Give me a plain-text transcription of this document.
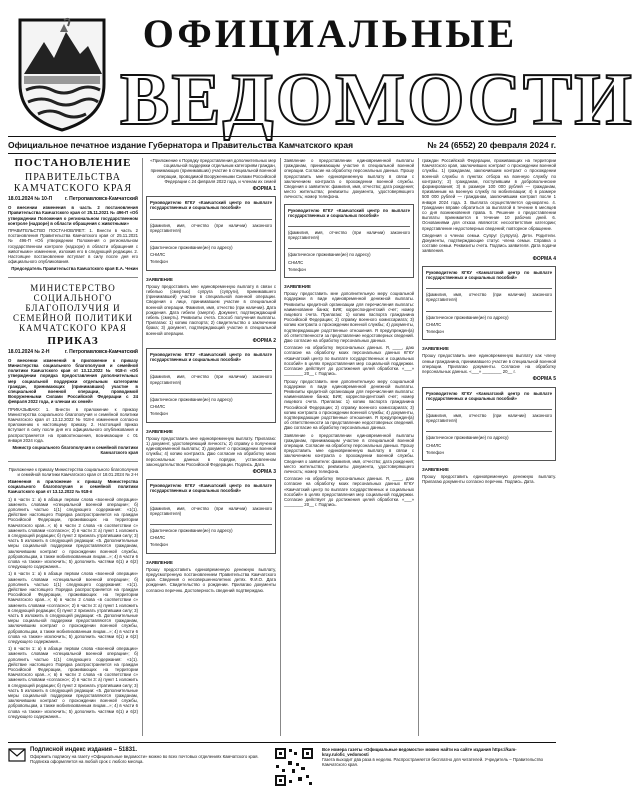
ОФИЦИАЛЬНЫЕ
ВЕДОМОСТИ
Официальное печатное издание Губернатора и Правительства Камчатского края	№ 24 (6552) 20 февраля 2024 г.
ПОСТАНОВЛЕНИЕ
ПРАВИТЕЛЬСТВА КАМЧАТСКОГО КРАЯ
18.01.2024 № 10-П	г. Петропавловск-Камчатский

О внесении изменения в часть 2 постановления Правительства Камчатского края от 25.11.2021 № 496-П «Об утверждении Положения о региональном государственном контроле (надзоре) в области обращения с животными»

ПРАВИТЕЛЬСТВО ПОСТАНОВЛЯЕТ: 1. Внести в часть 2 постановления Правительства Камчатского края от 25.11.2021 № 496-П «Об утверждении Положения о региональном государственном контроле (надзоре) в области обращения с животными» изменение, изложив его в следующей редакции. 2. Настоящее постановление вступает в силу после дня его официального опубликования.

Председатель Правительства Камчатского края Е.А. Чекин

МИНИСТЕРСТВО СОЦИАЛЬНОГО БЛАГОПОЛУЧИЯ И СЕМЕЙНОЙ ПОЛИТИКИ КАМЧАТСКОГО КРАЯ
ПРИКАЗ
18.01.2024 № 2-Н	г. Петропавловск-Камчатский

О внесении изменений в приложение к приказу Министерства социального благополучия и семейной политики Камчатского края от 13.12.2022 № 918-п «Об утверждении порядка предоставления дополнительных мер социальной поддержки отдельным категориям граждан, принимающих (принимавших) участие в специальной военной операции, проводимой Вооруженными Силами Российской Федерации с 24 февраля 2022 года, и членам их семей»

ПРИКАЗЫВАЮ: 1. Внести в приложение к приказу Министерства социального благополучия и семейной политики Камчатского края от 13.12.2022 № 918-п изменения согласно приложению к настоящему приказу. 2. Настоящий приказ вступает в силу после дня его официального опубликования и распространяется на правоотношения, возникающие с 01 января 2024 года.

Министр социального благополучия и семейной политики Камчатского края

Приложение к приказу Министерства социального благополучия и семейной политики Камчатского края от 18.01.2024 № 2-Н

Изменения в приложение к приказу Министерства социального благополучия и семейной политики Камчатского края от 13.12.2022 № 918-п

1) в части 1: а) в абзаце первом слова «военной операции» заменить словами «специальной военной операции»; б) дополнить частью 1(1) следующего содержания: «1(1). Действие настоящего Порядка распространяется на граждан Российской Федерации, проживающих на территории Камчатского края...»; в) в части 2 слова «в соответствии с» заменить словами «согласно»; 2) в части 3: а) пункт 1 изложить в следующей редакции; б) пункт 2 признать утратившим силу; 3) часть 5 изложить в следующей редакции: «5. Дополнительные меры социальной поддержки предоставляются гражданам, заключившим контракт о прохождении военной службы, добровольцам, а также мобилизованным лицам...»; 4) в части 6 слова «а также» исключить; 5) дополнить частями 6(1) и 6(2) следующего содержания...

1) в части 1: а) в абзаце первом слова «военной операции» заменить словами «специальной военной операции»; б) дополнить частью 1(1) следующего содержания: «1(1). Действие настоящего Порядка распространяется на граждан Российской Федерации, проживающих на территории Камчатского края...»; в) в части 2 слова «в соответствии с» заменить словами «согласно»; 2) в части 3: а) пункт 1 изложить в следующей редакции; б) пункт 2 признать утратившим силу; 3) часть 5 изложить в следующей редакции: «5. Дополнительные меры социальной поддержки предоставляются гражданам, заключившим контракт о прохождении военной службы, добровольцам, а также мобилизованным лицам...»; 4) в части 6 слова «а также» исключить; 5) дополнить частями 6(1) и 6(2) следующего содержания...

1) в части 1: а) в абзаце первом слова «военной операции» заменить словами «специальной военной операции»; б) дополнить частью 1(1) следующего содержания: «1(1). Действие настоящего Порядка распространяется на граждан Российской Федерации, проживающих на территории Камчатского края...»; в) в части 2 слова «в соответствии с» заменить словами «согласно»; 2) в части 3: а) пункт 1 изложить в следующей редакции; б) пункт 2 признать утратившим силу; 3) часть 5 изложить в следующей редакции: «5. Дополнительные меры социальной поддержки предоставляются гражданам, заключившим контракт о прохождении военной службы, добровольцам, а также мобилизованным лицам...»; 4) в части 6 слова «а также» исключить; 5) дополнить частями 6(1) и 6(2) следующего содержания...

«Приложение к Порядку предоставления дополнительных мер социальной поддержки отдельным категориям граждан, принимающих (принимавших) участие в специальной военной операции, проводимой Вооруженными Силами Российской Федерации с 24 февраля 2022 года, и членам их семей

ФОРМА 1

Руководителю КГКУ «Камчатский центр по выплате государственных и социальных пособий»

(фамилия, имя, отчество (при наличии) законного представителя)

(фактическое проживание(ие) по адресу)

СНИЛС

Телефон

ЗАЯВЛЕНИЕ

Прошу предоставить мне единовременную выплату в связи с гибелью (смертью) супруга (супруги), принимавшего (принимавшей) участие в специальной военной операции. Сведения о лице, принимавшем участие в специальной военной операции. Фамилия, имя, отчество (при наличии). Дата рождения. Дата гибели (смерти). Документ, подтверждающий гибель (смерть). Реквизиты счета. Способ получения выплаты. Прилагаю: 1) копию паспорта; 2) свидетельство о заключении брака; 3) документ, подтверждающий участие в специальной военной операции.

ФОРМА 2

Руководителю КГКУ «Камчатский центр по выплате государственных и социальных пособий»

(фамилия, имя, отчество (при наличии) законного представителя)

(фактическое проживание(ие) по адресу)

СНИЛС

Телефон

ЗАЯВЛЕНИЕ

Прошу предоставить мне единовременную выплату. Прилагаю: 1) документ, удостоверяющий личность; 2) справку о получении единовременной выплаты; 3) документ о прохождении военной службы; 4) копию контракта. Даю согласие на обработку моих персональных данных в порядке, установленном законодательством Российской Федерации. Подпись. Дата.

ФОРМА 3

Руководителю КГКУ «Камчатский центр по выплате государственных и социальных пособий»

(фамилия, имя, отчество (при наличии) законного представителя)

(фактическое проживание(ие) по адресу)

СНИЛС

Телефон

ЗАЯВЛЕНИЕ

Прошу предоставить единовременную денежную выплату, предусмотренную постановлением Правительства Камчатского края. Сведения о несовершеннолетних детях. Ф.И.О. Дата рождения. Свидетельство о рождении. Прилагаю документы согласно перечню. Достоверность сведений подтверждаю.

Заявление о предоставлении единовременной выплаты гражданам, принимающим участие в специальной военной операции. Согласие на обработку персональных данных. Прошу предоставить мне единовременную выплату в связи с заключением контракта о прохождении военной службы. Сведения о заявителе: фамилия, имя, отчество; дата рождения; место жительства; реквизиты документа, удостоверяющего личность; номер телефона.

Руководителю КГКУ «Камчатский центр по выплате государственных и социальных пособий»

(фамилия, имя, отчество (при наличии) законного представителя)

(фактическое проживание(ие) по адресу)

СНИЛС

Телефон

ЗАЯВЛЕНИЕ

Прошу предоставить мне дополнительную меру социальной поддержки в виде единовременной денежной выплаты. Реквизиты кредитной организации для перечисления выплаты: наименование банка; БИК; корреспондентский счет; номер лицевого счета. Прилагаю: 1) копию паспорта гражданина Российской Федерации; 2) справку военного комиссариата; 3) копию контракта о прохождении военной службы; 4) документы, подтверждающие родственные отношения. Я предупрежден(а) об ответственности за представление недостоверных сведений. Даю согласие на обработку персональных данных.

Согласие на обработку персональных данных. Я, ____, даю согласие на обработку моих персональных данных КГКУ «Камчатский центр по выплате государственных и социальных пособий» в целях предоставления мер социальной поддержки. Согласие действует до достижения целей обработки. «___» ________ 20__ г. Подпись.

Прошу предоставить мне дополнительную меру социальной поддержки в виде единовременной денежной выплаты. Реквизиты кредитной организации для перечисления выплаты: наименование банка; БИК; корреспондентский счет; номер лицевого счета. Прилагаю: 1) копию паспорта гражданина Российской Федерации; 2) справку военного комиссариата; 3) копию контракта о прохождении военной службы; 4) документы, подтверждающие родственные отношения. Я предупрежден(а) об ответственности за представление недостоверных сведений. Даю согласие на обработку персональных данных.

Заявление о предоставлении единовременной выплаты гражданам, принимающим участие в специальной военной операции. Согласие на обработку персональных данных. Прошу предоставить мне единовременную выплату в связи с заключением контракта о прохождении военной службы. Сведения о заявителе: фамилия, имя, отчество; дата рождения; место жительства; реквизиты документа, удостоверяющего личность; номер телефона.

Согласие на обработку персональных данных. Я, ____, даю согласие на обработку моих персональных данных КГКУ «Камчатский центр по выплате государственных и социальных пособий» в целях предоставления мер социальной поддержки. Согласие действует до достижения целей обработки. «___» ________ 20__ г. Подпись.

граждан Российской Федерации, проживающих на территории Камчатского края, заключивших контракт о прохождении военной службы. 1) гражданам, заключившим контракт о прохождении военной службы в пунктах отбора на военную службу по контракту; 2) гражданам, поступившим в добровольческие формирования; 3) в размере 100 000 рублей — гражданам, призванным на военную службу по мобилизации; 4) в размере 500 000 рублей — гражданам, заключившим контракт после 1 января 2024 года. 3. Выплата осуществляется однократно. 4. Гражданин вправе обратиться за выплатой в течение 6 месяцев со дня возникновения права. 5. Решение о предоставлении выплаты принимается в течение 10 рабочих дней. 6. Основаниями для отказа являются: несоответствие категории; представление недостоверных сведений; повторное обращение.

Сведения о членах семьи. Супруг (супруга). Дети. Родители. Документы, подтверждающие статус члена семьи. Справка о составе семьи. Реквизиты счета. Подпись заявителя. Дата подачи заявления.

ФОРМА 4

Руководителю КГКУ «Камчатский центр по выплате государственных и социальных пособий»

(фамилия, имя, отчество (при наличии) законного представителя)

(фактическое проживание(ие) по адресу)

СНИЛС

Телефон

ЗАЯВЛЕНИЕ

Прошу предоставить мне единовременную выплату как члену семьи гражданина, принимавшего участие в специальной военной операции. Прилагаю документы. Согласие на обработку персональных данных. «___» ________ 20__ г.

ФОРМА 5

Руководителю КГКУ «Камчатский центр по выплате государственных и социальных пособий»

(фамилия, имя, отчество (при наличии) законного представителя)

(фактическое проживание(ие) по адресу)

СНИЛС

Телефон

ЗАЯВЛЕНИЕ

Прошу предоставить единовременную денежную выплату. Прилагаю документы согласно перечню. Подпись. Дата.

Подписной индекс издания – 51831.
Оформить подписку на газету «Официальные ведомости» можно во всех почтовых отделениях Камчатского края. Подписка оформляется на любой срок с любого месяца.
Все номера газеты «Официальные ведомости» можно найти на сайте издания https://kam-kray.ru/ofic_vedomosti
Газета выходит два раза в неделю. Распространяется бесплатно для читателей. Учредитель – Правительство Камчатского края.
